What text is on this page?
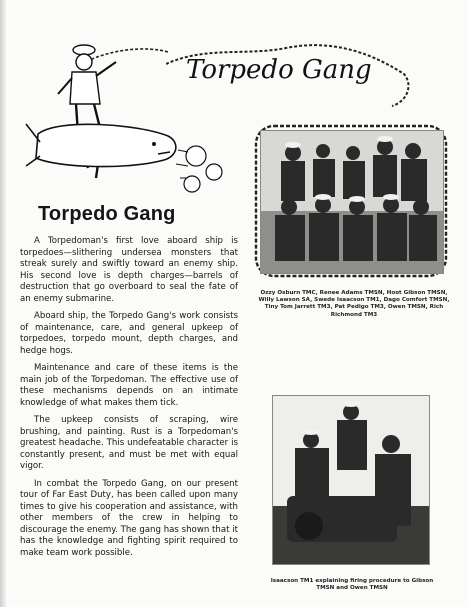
Torpedo Gang
Torpedo Gang

A Torpedoman's first love aboard ship is torpedoes—slithering undersea monsters that streak surely and swiftly toward an enemy ship. His second love is depth charges—barrels of destruction that go overboard to seal the fate of an enemy submarine.

Aboard ship, the Torpedo Gang's work consists of maintenance, care, and general upkeep of torpedoes, torpedo mount, depth charges, and hedge hogs.

Maintenance and care of these items is the main job of the Torpedoman. The effective use of these mechanisms depends on an intimate knowledge of what makes them tick.

The upkeep consists of scraping, wire brushing, and painting. Rust is a Torpedoman's greatest headache. This undefeatable character is constantly present, and must be met with equal vigor.

In combat the Torpedo Gang, on our present tour of Far East Duty, has been called upon many times to give his cooperation and assistance, with other members of the crew in helping to discourage the enemy. The gang has shown that it has the knowledge and fighting spirit required to make team work possible.

Ozzy Osburn TMC, Renee Adams TMSN, Hoot Gibson TMSN, Willy Lawson SA, Swede Isaacson TM1, Dago Comfort TMSN, Tiny Tom Jarrett TM3, Pat Pedigo TM3, Owen TMSN, Rich Richmond TM3
Isaacson TM1 explaining firing procedure to Gibson TMSN and Owen TMSN
